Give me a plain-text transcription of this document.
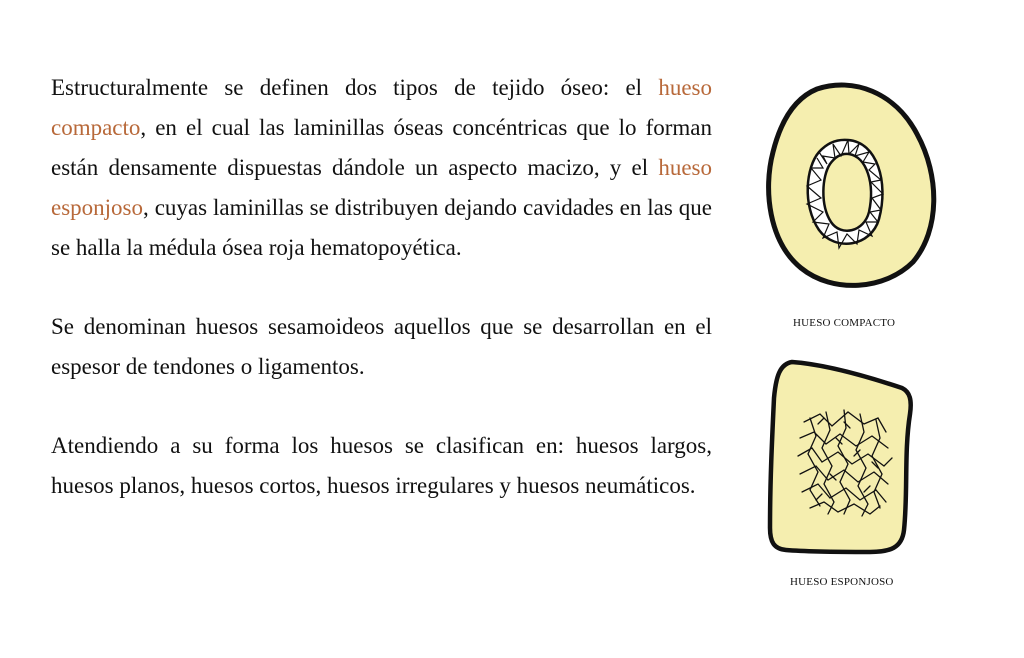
Estructuralmente se definen dos tipos de tejido óseo: el hueso compacto, en el cual las laminillas óseas concéntricas que lo forman están densamente dispuestas dándole un aspecto macizo, y el hueso esponjoso, cuyas laminillas se distribuyen dejando cavidades en las que se halla la médula ósea roja hematopoyética.

Se denominan huesos sesamoideos aquellos que se desarrollan en el espesor de tendones o ligamentos.

Atendiendo a su forma los huesos se clasifican en: huesos largos, huesos planos, huesos cortos, huesos irregulares y huesos neumáticos.

HUESO COMPACTO
HUESO ESPONJOSO
